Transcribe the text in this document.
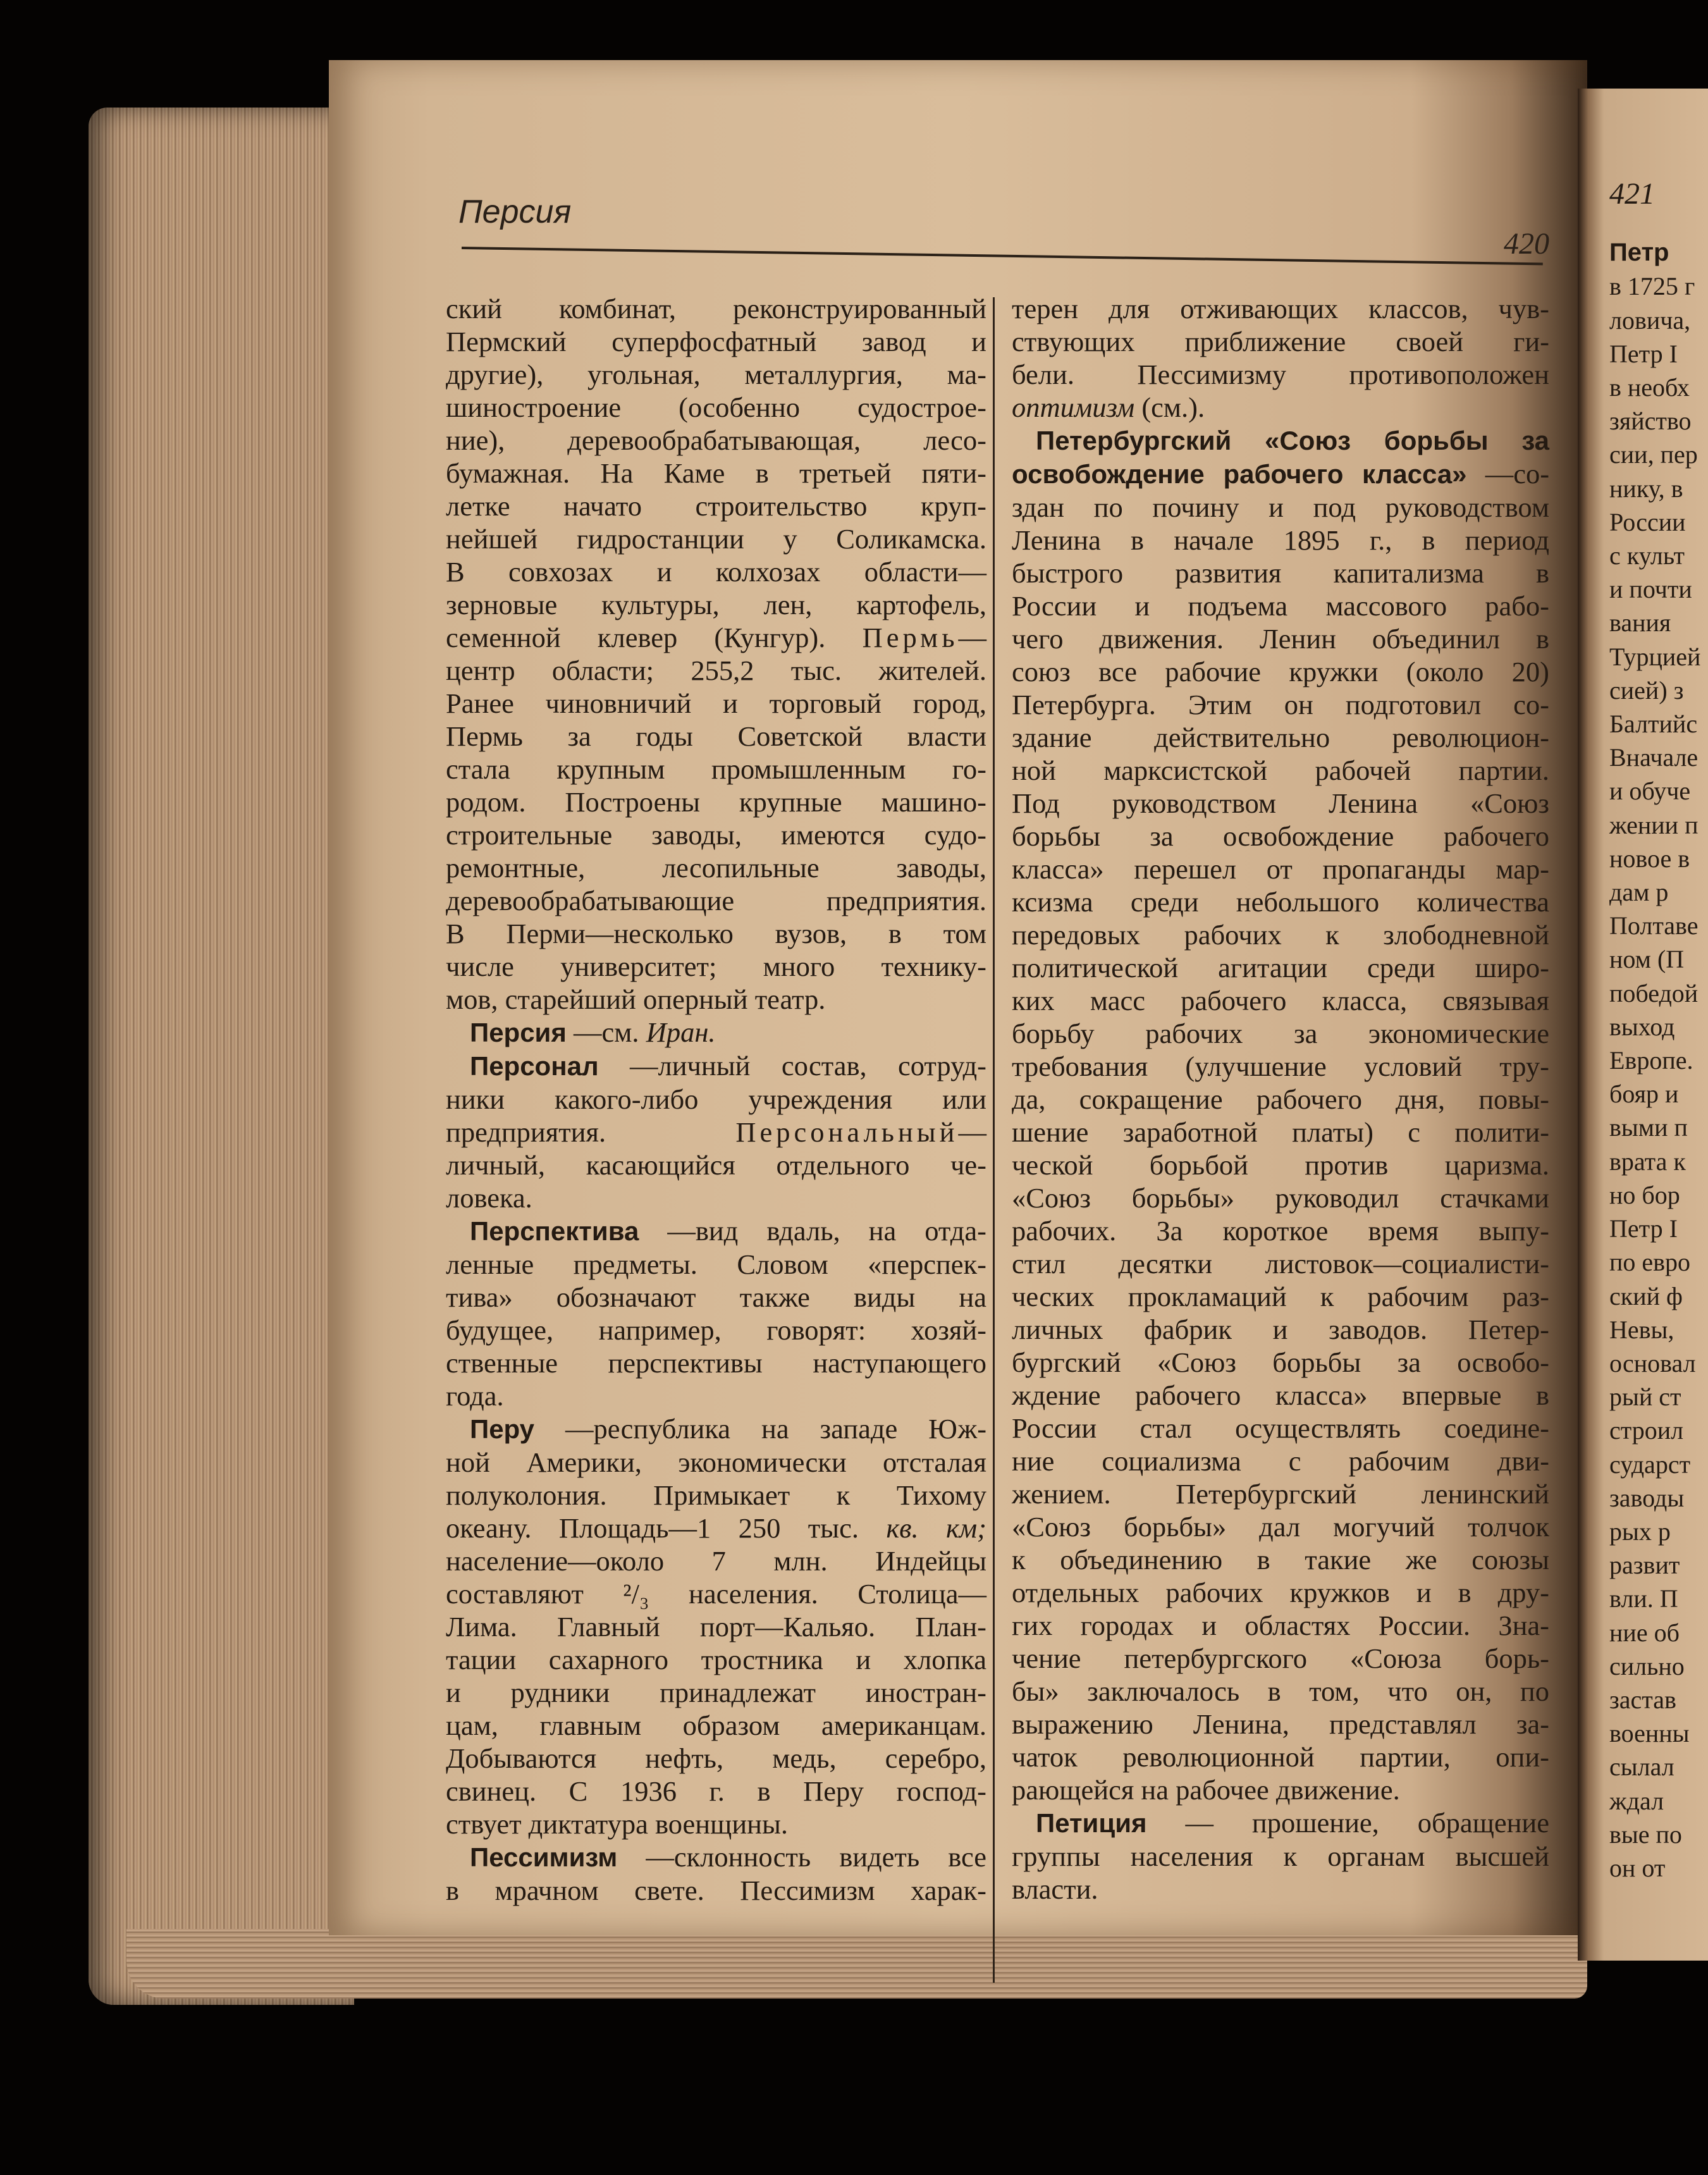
Персия
420
ский комбинат, реконструированный
Пермский суперфосфатный завод и
другие), угольная, металлургия, ма-
шиностроение (особенно судострое-
ние), деревообрабатывающая, лесо-
бумажная. На Каме в третьей пяти-
летке начато строительство круп-
нейшей гидростанции у Соликамска.
В совхозах и колхозах области—
зерновые культуры, лен, картофель,
семенной клевер (Кунгур). Пермь—
центр области; 255,2 тыс. жителей.
Ранее чиновничий и торговый город,
Пермь за годы Советской власти
стала крупным промышленным го-
родом. Построены крупные машино-
строительные заводы, имеются судо-
ремонтные, лесопильные заводы,
деревообрабатывающие предприятия.
В Перми—несколько вузов, в том
числе университет; много технику-
мов, старейший оперный театр.
Персия —см. Иран.
Персонал —личный состав, сотруд-
ники какого-либо учреждения или
предприятия. Персональный—
личный, касающийся отдельного че-
ловека.
Перспектива —вид вдаль, на отда-
ленные предметы. Словом «перспек-
тива» обозначают также виды на
будущее, например, говорят: хозяй-
ственные перспективы наступающего
года.
Перу —республика на западе Юж-
ной Америки, экономически отсталая
полуколония. Примыкает к Тихому
океану. Площадь—1 250 тыс. кв. км;
население—около 7 млн. Индейцы
составляют ²/₃ населения. Столица—
Лима. Главный порт—Кальяо. План-
тации сахарного тростника и хлопка
и рудники принадлежат иностран-
цам, главным образом американцам.
Добываются нефть, медь, серебро,
свинец. С 1936 г. в Перу господ-
ствует диктатура военщины.
Пессимизм —склонность видеть все
в мрачном свете. Пессимизм харак-
терен для отживающих классов, чув-
ствующих приближение своей ги-
бели. Пессимизму противоположен
оптимизм (см.).
Петербургский «Союз борьбы за
освобождение рабочего класса» —со-
здан по почину и под руководством
Ленина в начале 1895 г., в период
быстрого развития капитализма в
России и подъема массового рабо-
чего движения. Ленин объединил в
союз все рабочие кружки (около 20)
Петербурга. Этим он подготовил со-
здание действительно революцион-
ной марксистской рабочей партии.
Под руководством Ленина «Союз
борьбы за освобождение рабочего
класса» перешел от пропаганды мар-
ксизма среди небольшого количества
передовых рабочих к злободневной
политической агитации среди широ-
ких масс рабочего класса, связывая
борьбу рабочих за экономические
требования (улучшение условий тру-
да, сокращение рабочего дня, повы-
шение заработной платы) с полити-
ческой борьбой против царизма.
«Союз борьбы» руководил стачками
рабочих. За короткое время выпу-
стил десятки листовок—социалисти-
ческих прокламаций к рабочим раз-
личных фабрик и заводов. Петер-
бургский «Союз борьбы за освобо-
ждение рабочего класса» впервые в
России стал осуществлять соедине-
ние социализма с рабочим дви-
жением. Петербургский ленинский
«Союз борьбы» дал могучий толчок
к объединению в такие же союзы
отдельных рабочих кружков и в дру-
гих городах и областях России. Зна-
чение петербургского «Союза борь-
бы» заключалось в том, что он, по
выражению Ленина, представлял за-
чаток революционной партии, опи-
рающейся на рабочее движение.
Петиция — прошение, обращение
группы населения к органам высшей
власти.
421
Петр
в 1725 г
ловича,
Петр I
в необх
зяйство
сии, пер
нику, в
России
с культ
и почти
вания
Турцией
сией) з
Балтийс
Вначале
и обуче
жении п
новое в
дам р
Полтаве
ном (П
победой
выход
Европе.
бояр и
выми п
врата к
но бор
Петр I
по евро
ский ф
Невы,
основал
рый ст
строил
сударст
заводы
рых р
развит
вли. П
ние об
сильно
застав
военны
сылал
ждал
вые по
он от
